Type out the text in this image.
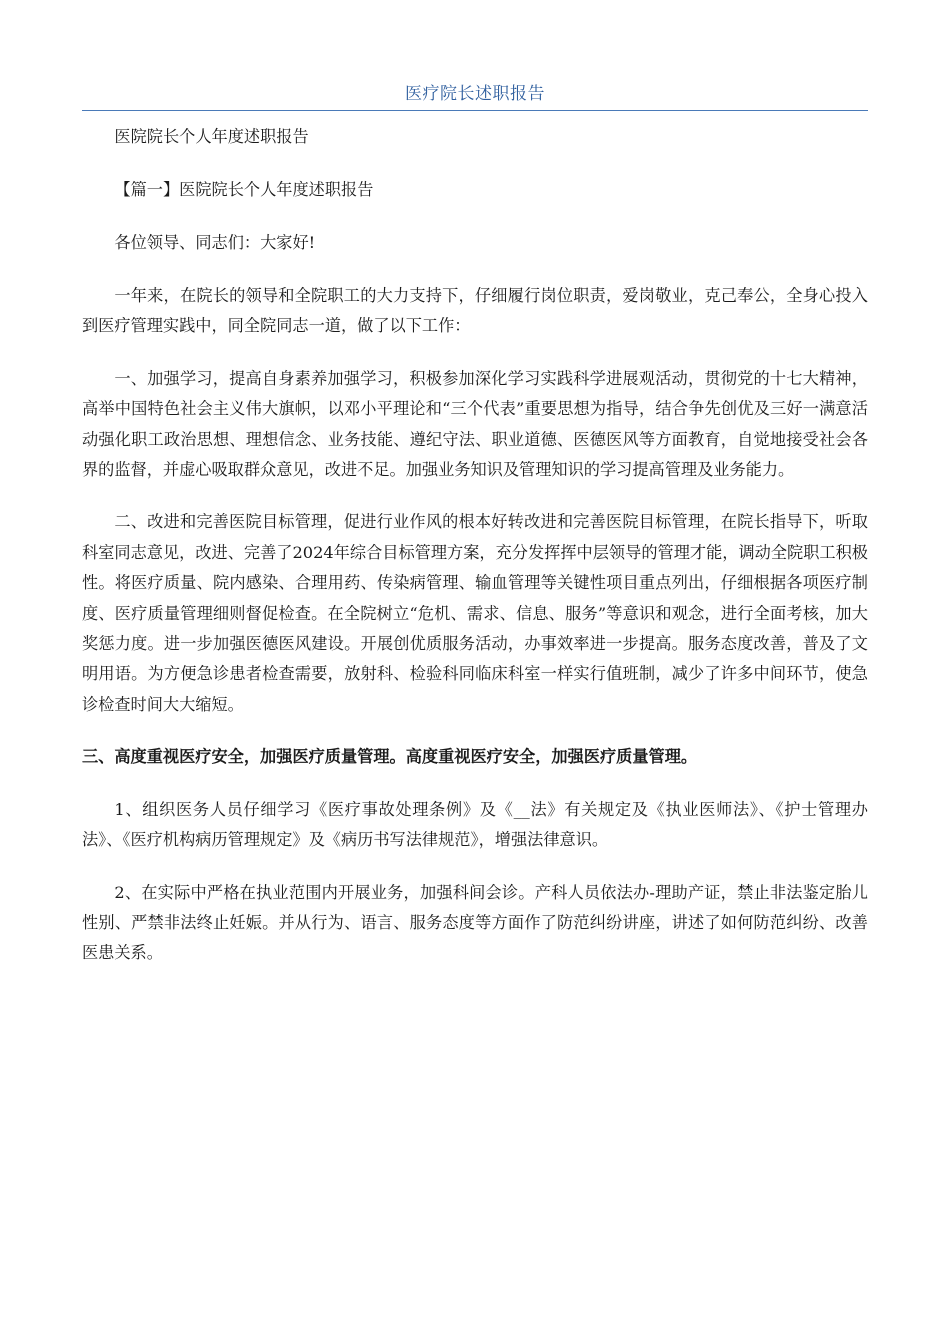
医疗院长述职报告

医院院长个人年度述职报告

【篇一】医院院长个人年度述职报告

各位领导、同志们：大家好!

一年来，在院长的领导和全院职工的大力支持下，仔细履行岗位职责，爱岗敬业，克己奉公，全身心投入到医疗管理实践中，同全院同志一道，做了以下工作：

一、加强学习，提高自身素养加强学习，积极参加深化学习实践科学进展观活动，贯彻党的十七大精神，高举中国特色社会主义伟大旗帜，以邓小平理论和“三个代表”重要思想为指导，结合争先创优及三好一满意活动强化职工政治思想、理想信念、业务技能、遵纪守法、职业道德、医德医风等方面教育，自觉地接受社会各界的监督，并虚心吸取群众意见，改进不足。加强业务知识及管理知识的学习提高管理及业务能力。

二、改进和完善医院目标管理，促进行业作风的根本好转改进和完善医院目标管理，在院长指导下，听取科室同志意见，改进、完善了2024年综合目标管理方案，充分发挥挥中层领导的管理才能，调动全院职工积极性。将医疗质量、院内感染、合理用药、传染病管理、输血管理等关键性项目重点列出，仔细根据各项医疗制度、医疗质量管理细则督促检查。在全院树立“危机、需求、信息、服务”等意识和观念，进行全面考核，加大奖惩力度。进一步加强医德医风建设。开展创优质服务活动，办事效率进一步提高。服务态度改善，普及了文明用语。为方便急诊患者检查需要，放射科、检验科同临床科室一样实行值班制，减少了许多中间环节，使急诊检查时间大大缩短。

三、高度重视医疗安全，加强医疗质量管理。高度重视医疗安全，加强医疗质量管理。

1、组织医务人员仔细学习《医疗事故处理条例》及《__法》有关规定及《执业医师法》、《护士管理办法》、《医疗机构病历管理规定》及《病历书写法律规范》，增强法律意识。

2、在实际中严格在执业范围内开展业务，加强科间会诊。产科人员依法办-理助产证，禁止非法鉴定胎儿性别、严禁非法终止妊娠。并从行为、语言、服务态度等方面作了防范纠纷讲座，讲述了如何防范纠纷、改善医患关系。
